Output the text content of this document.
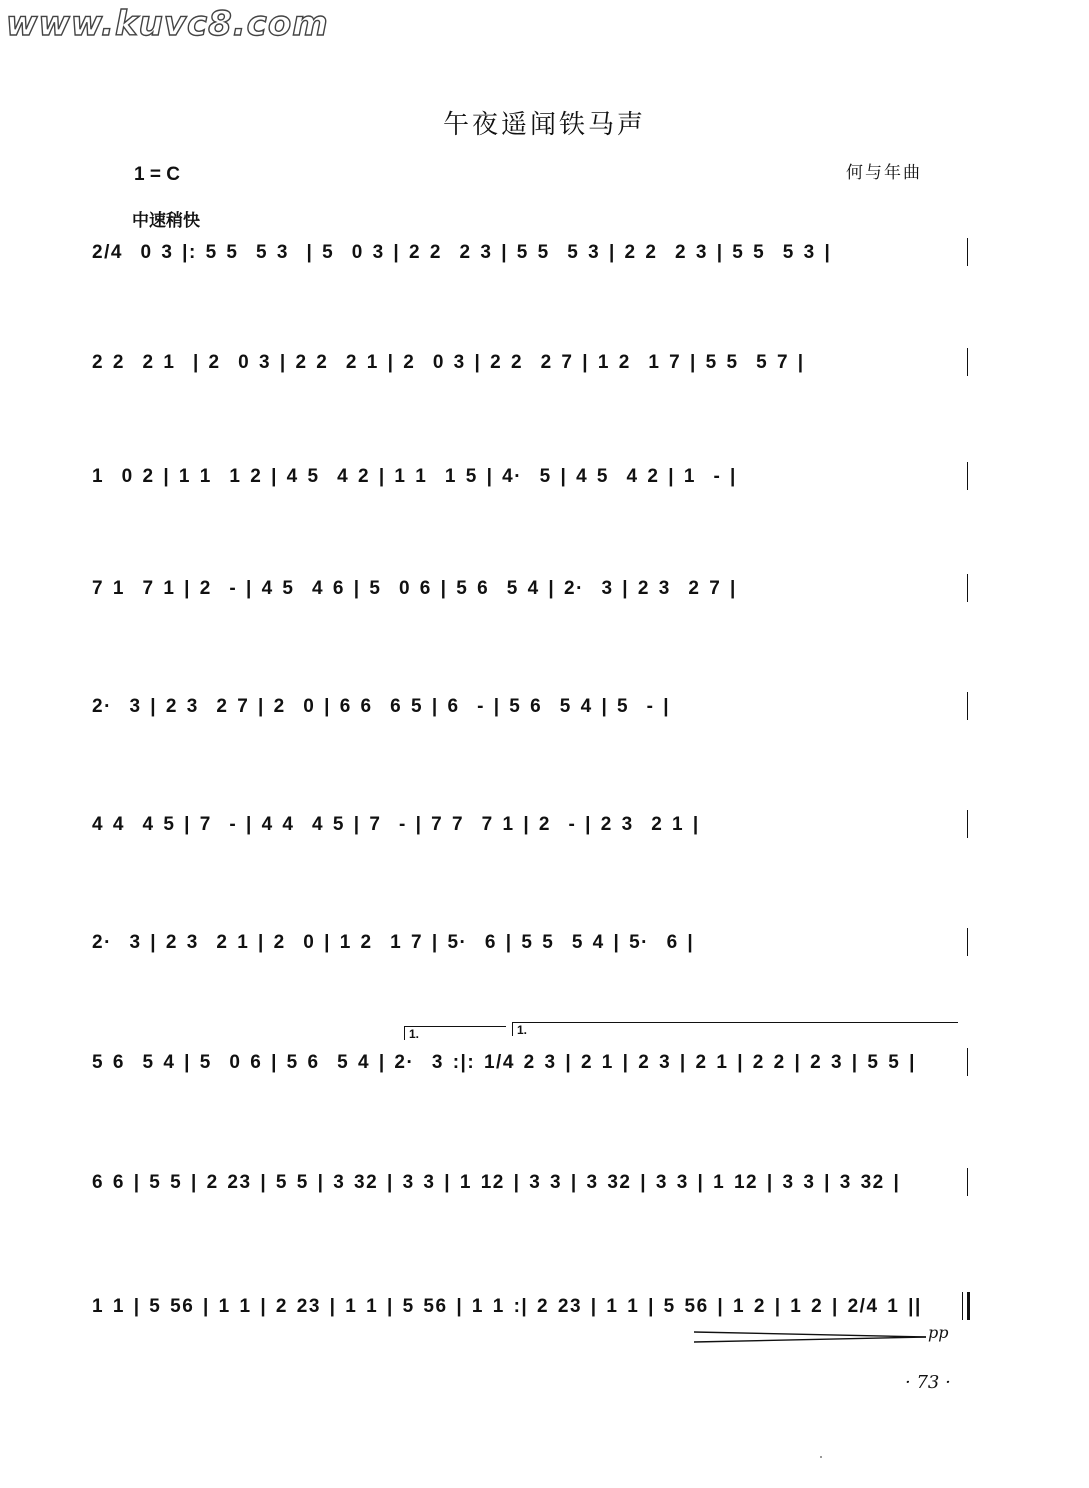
www.kuvc8.com
午夜遥闻铁马声
1 = C	何与年曲
中速稍快
2/4  0 3 |: 5 5  5 3  | 5  0 3 | 2 2  2 3 | 5 5  5 3 | 2 2  2 3 | 5 5  5 3 |
2 2  2 1  | 2  0 3 | 2 2  2 1 | 2  0 3 | 2 2  2 7 | 1 2  1 7 | 5 5  5 7 |
1  0 2 | 1 1  1 2 | 4 5  4 2 | 1 1  1 5 | 4·  5 | 4 5  4 2 | 1  - |
7 1  7 1 | 2  - | 4 5  4 6 | 5  0 6 | 5 6  5 4 | 2·  3 | 2 3  2 7 |
2·  3 | 2 3  2 7 | 2  0 | 6 6  6 5 | 6  - | 5 6  5 4 | 5  - |
4 4  4 5 | 7  - | 4 4  4 5 | 7  - | 7 7  7 1 | 2  - | 2 3  2 1 |
2·  3 | 2 3  2 1 | 2  0 | 1 2  1 7 | 5·  6 | 5 5  5 4 | 5·  6 |
1.	1.
5 6  5 4 | 5  0 6 | 5 6  5 4 | 2·  3 :|: 1/4 2 3 | 2 1 | 2 3 | 2 1 | 2 2 | 2 3 | 5 5 |
6 6 | 5 5 | 2 23 | 5 5 | 3 32 | 3 3 | 1 12 | 3 3 | 3 32 | 3 3 | 1 12 | 3 3 | 3 32 |
1 1 | 5 56 | 1 1 | 2 23 | 1 1 | 5 56 | 1 1 :| 2 23 | 1 1 | 5 56 | 1 2 | 1 2 | 2/4 1 ||
pp
· 73 ·
